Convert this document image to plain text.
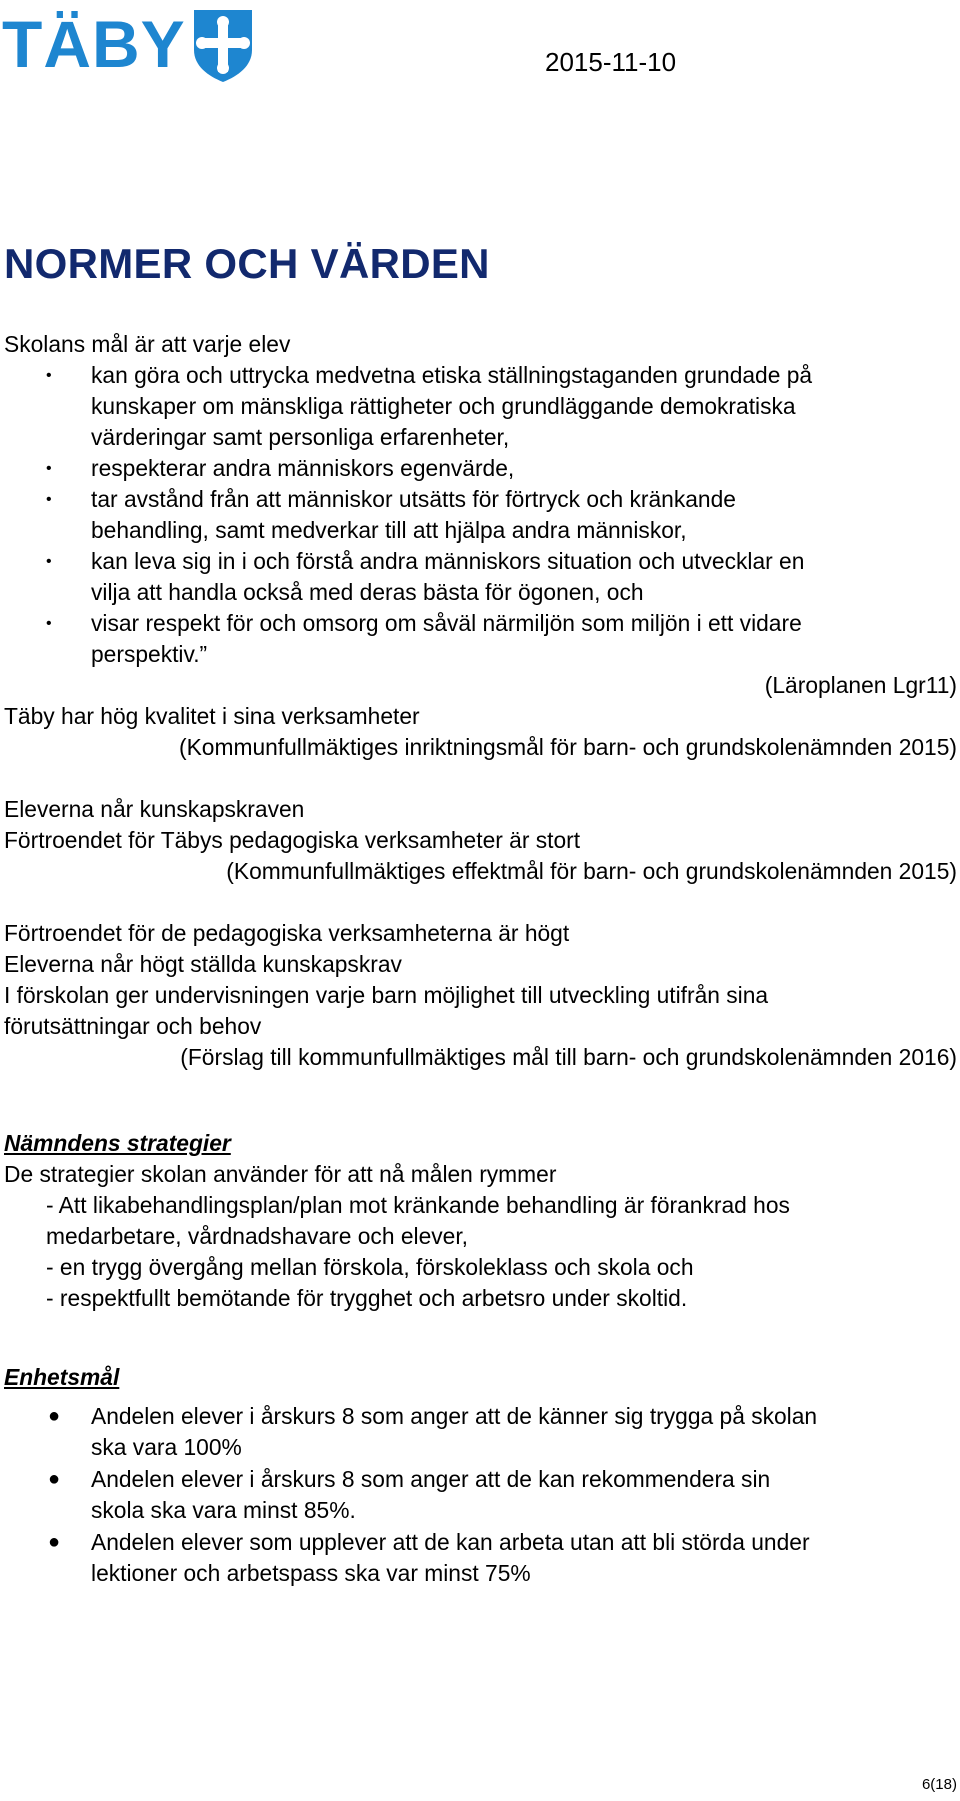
TÄBY	2015-11-10
NORMER OCH VÄRDEN
Skolans mål är att varje elev
• kan göra och uttrycka medvetna etiska ställningstaganden grundade på
kunskaper om mänskliga rättigheter och grundläggande demokratiska
värderingar samt personliga erfarenheter,
• respekterar andra människors egenvärde,
• tar avstånd från att människor utsätts för förtryck och kränkande
behandling, samt medverkar till att hjälpa andra människor,
• kan leva sig in i och förstå andra människors situation och utvecklar en
vilja att handla också med deras bästa för ögonen, och
• visar respekt för och omsorg om såväl närmiljön som miljön i ett vidare
perspektiv.”
(Läroplanen Lgr11)
Täby har hög kvalitet i sina verksamheter
(Kommunfullmäktiges inriktningsmål för barn- och grundskolenämnden 2015)
Eleverna når kunskapskraven
Förtroendet för Täbys pedagogiska verksamheter är stort
(Kommunfullmäktiges effektmål för barn- och grundskolenämnden 2015)
Förtroendet för de pedagogiska verksamheterna är högt
Eleverna når högt ställda kunskapskrav
I förskolan ger undervisningen varje barn möjlighet till utveckling utifrån sina
förutsättningar och behov
(Förslag till kommunfullmäktiges mål till barn- och grundskolenämnden 2016)
Nämndens strategier
De strategier skolan använder för att nå målen rymmer
- Att likabehandlingsplan/plan mot kränkande behandling är förankrad hos
medarbetare, vårdnadshavare och elever,
- en trygg övergång mellan förskola, förskoleklass och skola och
- respektfullt bemötande för trygghet och arbetsro under skoltid.
Enhetsmål
● Andelen elever i årskurs 8 som anger att de känner sig trygga på skolan
ska vara 100%
● Andelen elever i årskurs 8 som anger att de kan rekommendera sin
skola ska vara minst 85%.
● Andelen elever som upplever att de kan arbeta utan att bli störda under
lektioner och arbetspass ska var minst 75%
6(18)
